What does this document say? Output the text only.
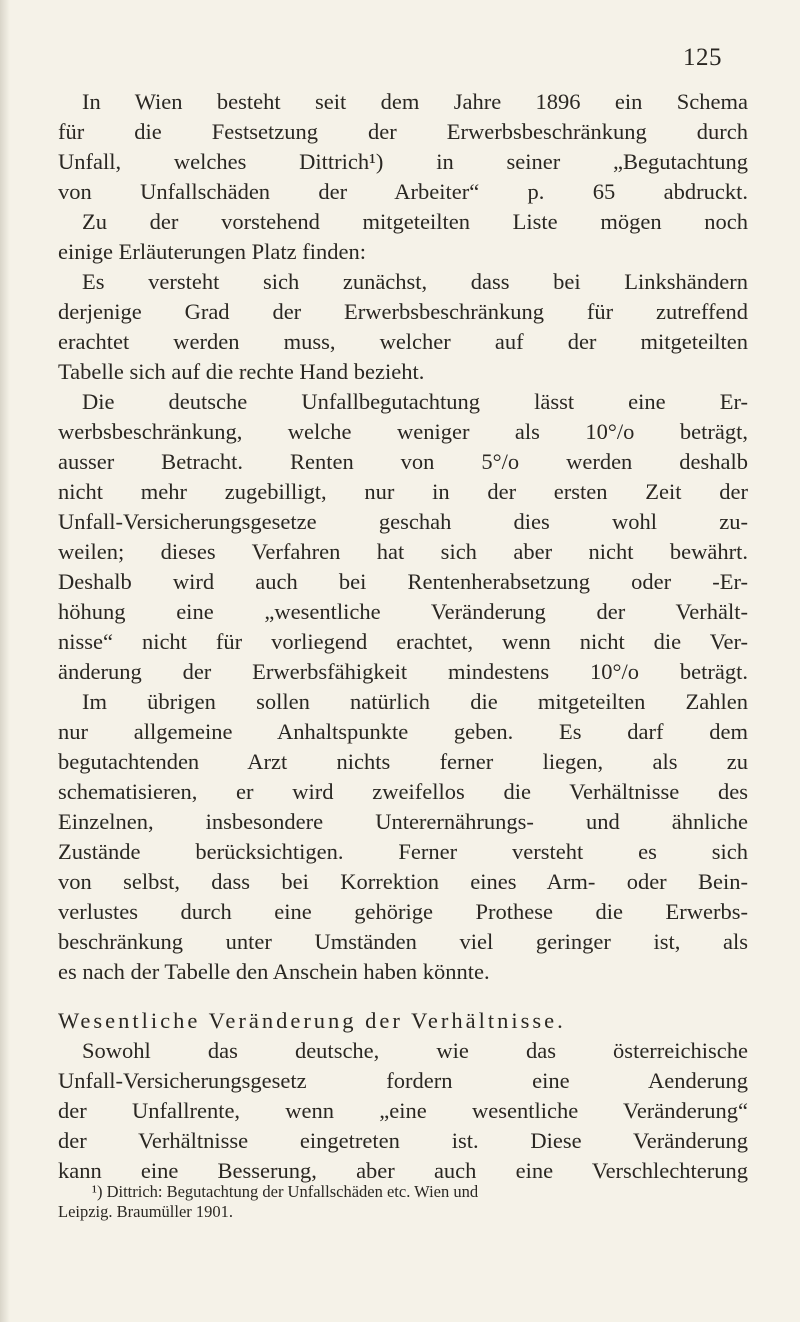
125
In Wien besteht seit dem Jahre 1896 ein Schema
für die Festsetzung der Erwerbsbeschränkung durch
Unfall, welches Dittrich¹) in seiner „Begutachtung
von Unfallschäden der Arbeiter“ p. 65 abdruckt.
Zu der vorstehend mitgeteilten Liste mögen noch
einige Erläuterungen Platz finden:
Es versteht sich zunächst, dass bei Linkshändern
derjenige Grad der Erwerbsbeschränkung für zutreffend
erachtet werden muss, welcher auf der mitgeteilten
Tabelle sich auf die rechte Hand bezieht.
Die deutsche Unfallbegutachtung lässt eine Er-
werbsbeschränkung, welche weniger als 10°/o beträgt,
ausser Betracht. Renten von 5°/o werden deshalb
nicht mehr zugebilligt, nur in der ersten Zeit der
Unfall-Versicherungsgesetze geschah dies wohl zu-
weilen; dieses Verfahren hat sich aber nicht bewährt.
Deshalb wird auch bei Rentenherabsetzung oder -Er-
höhung eine „wesentliche Veränderung der Verhält-
nisse“ nicht für vorliegend erachtet, wenn nicht die Ver-
änderung der Erwerbsfähigkeit mindestens 10°/o beträgt.
Im übrigen sollen natürlich die mitgeteilten Zahlen
nur allgemeine Anhaltspunkte geben. Es darf dem
begutachtenden Arzt nichts ferner liegen, als zu
schematisieren, er wird zweifellos die Verhältnisse des
Einzelnen, insbesondere Unterernährungs- und ähnliche
Zustände berücksichtigen. Ferner versteht es sich
von selbst, dass bei Korrektion eines Arm- oder Bein-
verlustes durch eine gehörige Prothese die Erwerbs-
beschränkung unter Umständen viel geringer ist, als
es nach der Tabelle den Anschein haben könnte.
Wesentliche Veränderung der Verhältnisse.
Sowohl das deutsche, wie das österreichische
Unfall-Versicherungsgesetz fordern eine Aenderung
der Unfallrente, wenn „eine wesentliche Veränderung“
der Verhältnisse eingetreten ist. Diese Veränderung
kann eine Besserung, aber auch eine Verschlechterung
¹) Dittrich: Begutachtung der Unfallschäden etc. Wien und
Leipzig. Braumüller 1901.
